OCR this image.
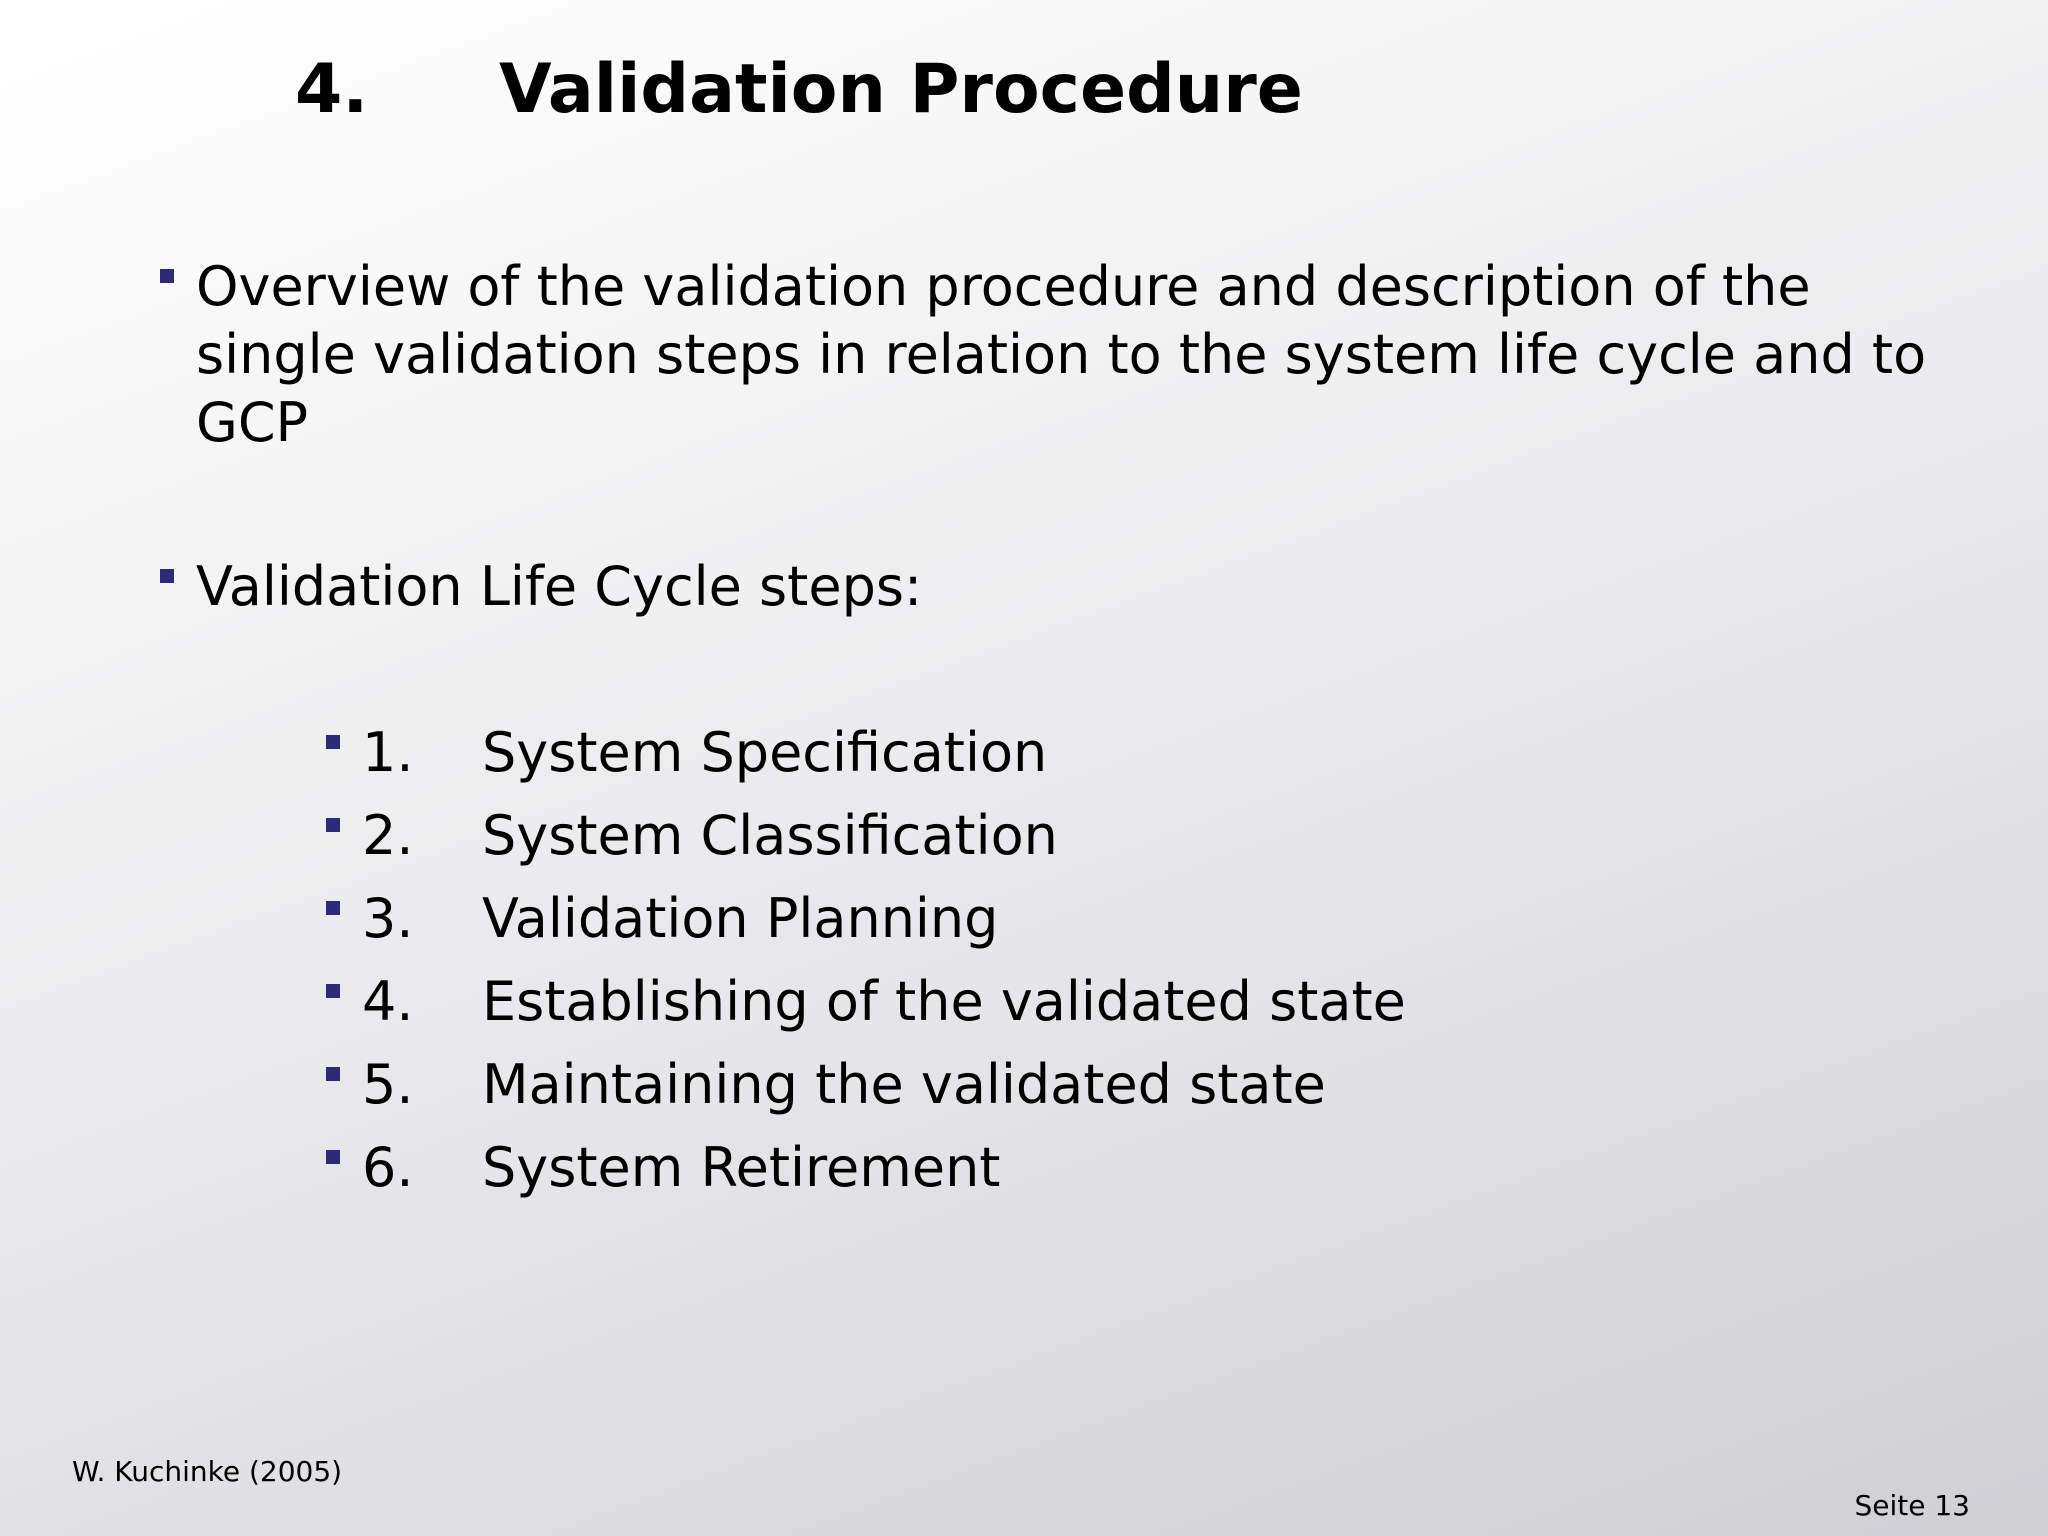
4. Validation Procedure
Overview of the validation procedure and description of the single validation steps in relation to the system life cycle and to GCP
Validation Life Cycle steps:
1. System Specification
2. System Classification
3. Validation Planning
4. Establishing of the validated state
5. Maintaining the validated state
6. System Retirement
W. Kuchinke (2005)
Seite 13
